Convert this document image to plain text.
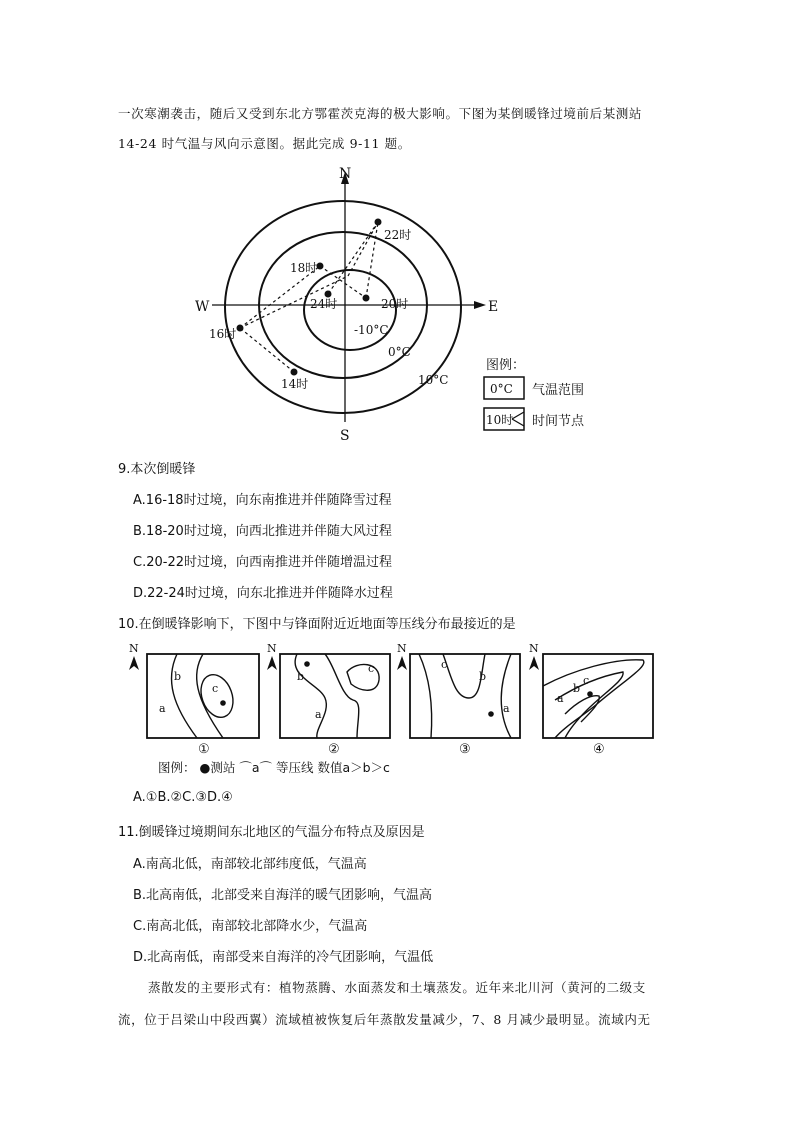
一次寒潮袭击，随后又受到东北方鄂霍茨克海的极大影响。下图为某倒暖锋过境前后某测站
14-24 时气温与风向示意图。据此完成 9-11 题。
N
S
E
W
14时
16时
18时
20时
22时
24时
-10°C
0°C
10°C
图例：
0°C 气温范围
10时 时间节点
9.本次倒暖锋
A.16-18时过境，向东南推进并伴随降雪过程
B.18-20时过境，向西北推进并伴随大风过程
C.20-22时过境，向西南推进并伴随增温过程
D.22-24时过境，向东北推进并伴随降水过程
10.在倒暖锋影响下，下图中与锋面附近近地面等压线分布最接近的是
N
a
b
c
①
N
b
a
c
②
N
c
b
a
③
N
a
b
c
④
图例： ●测站 ⌒a⌒ 等压线 数值a＞b＞c
A.①B.②C.③D.④
11.倒暖锋过境期间东北地区的气温分布特点及原因是
A.南高北低，南部较北部纬度低，气温高
B.北高南低，北部受来自海洋的暖气团影响，气温高
C.南高北低，南部较北部降水少，气温高
D.北高南低，南部受来自海洋的冷气团影响，气温低
蒸散发的主要形式有：植物蒸腾、水面蒸发和土壤蒸发。近年来北川河（黄河的二级支
流，位于吕梁山中段西翼）流域植被恢复后年蒸散发量减少，7、8 月减少最明显。流域内无
